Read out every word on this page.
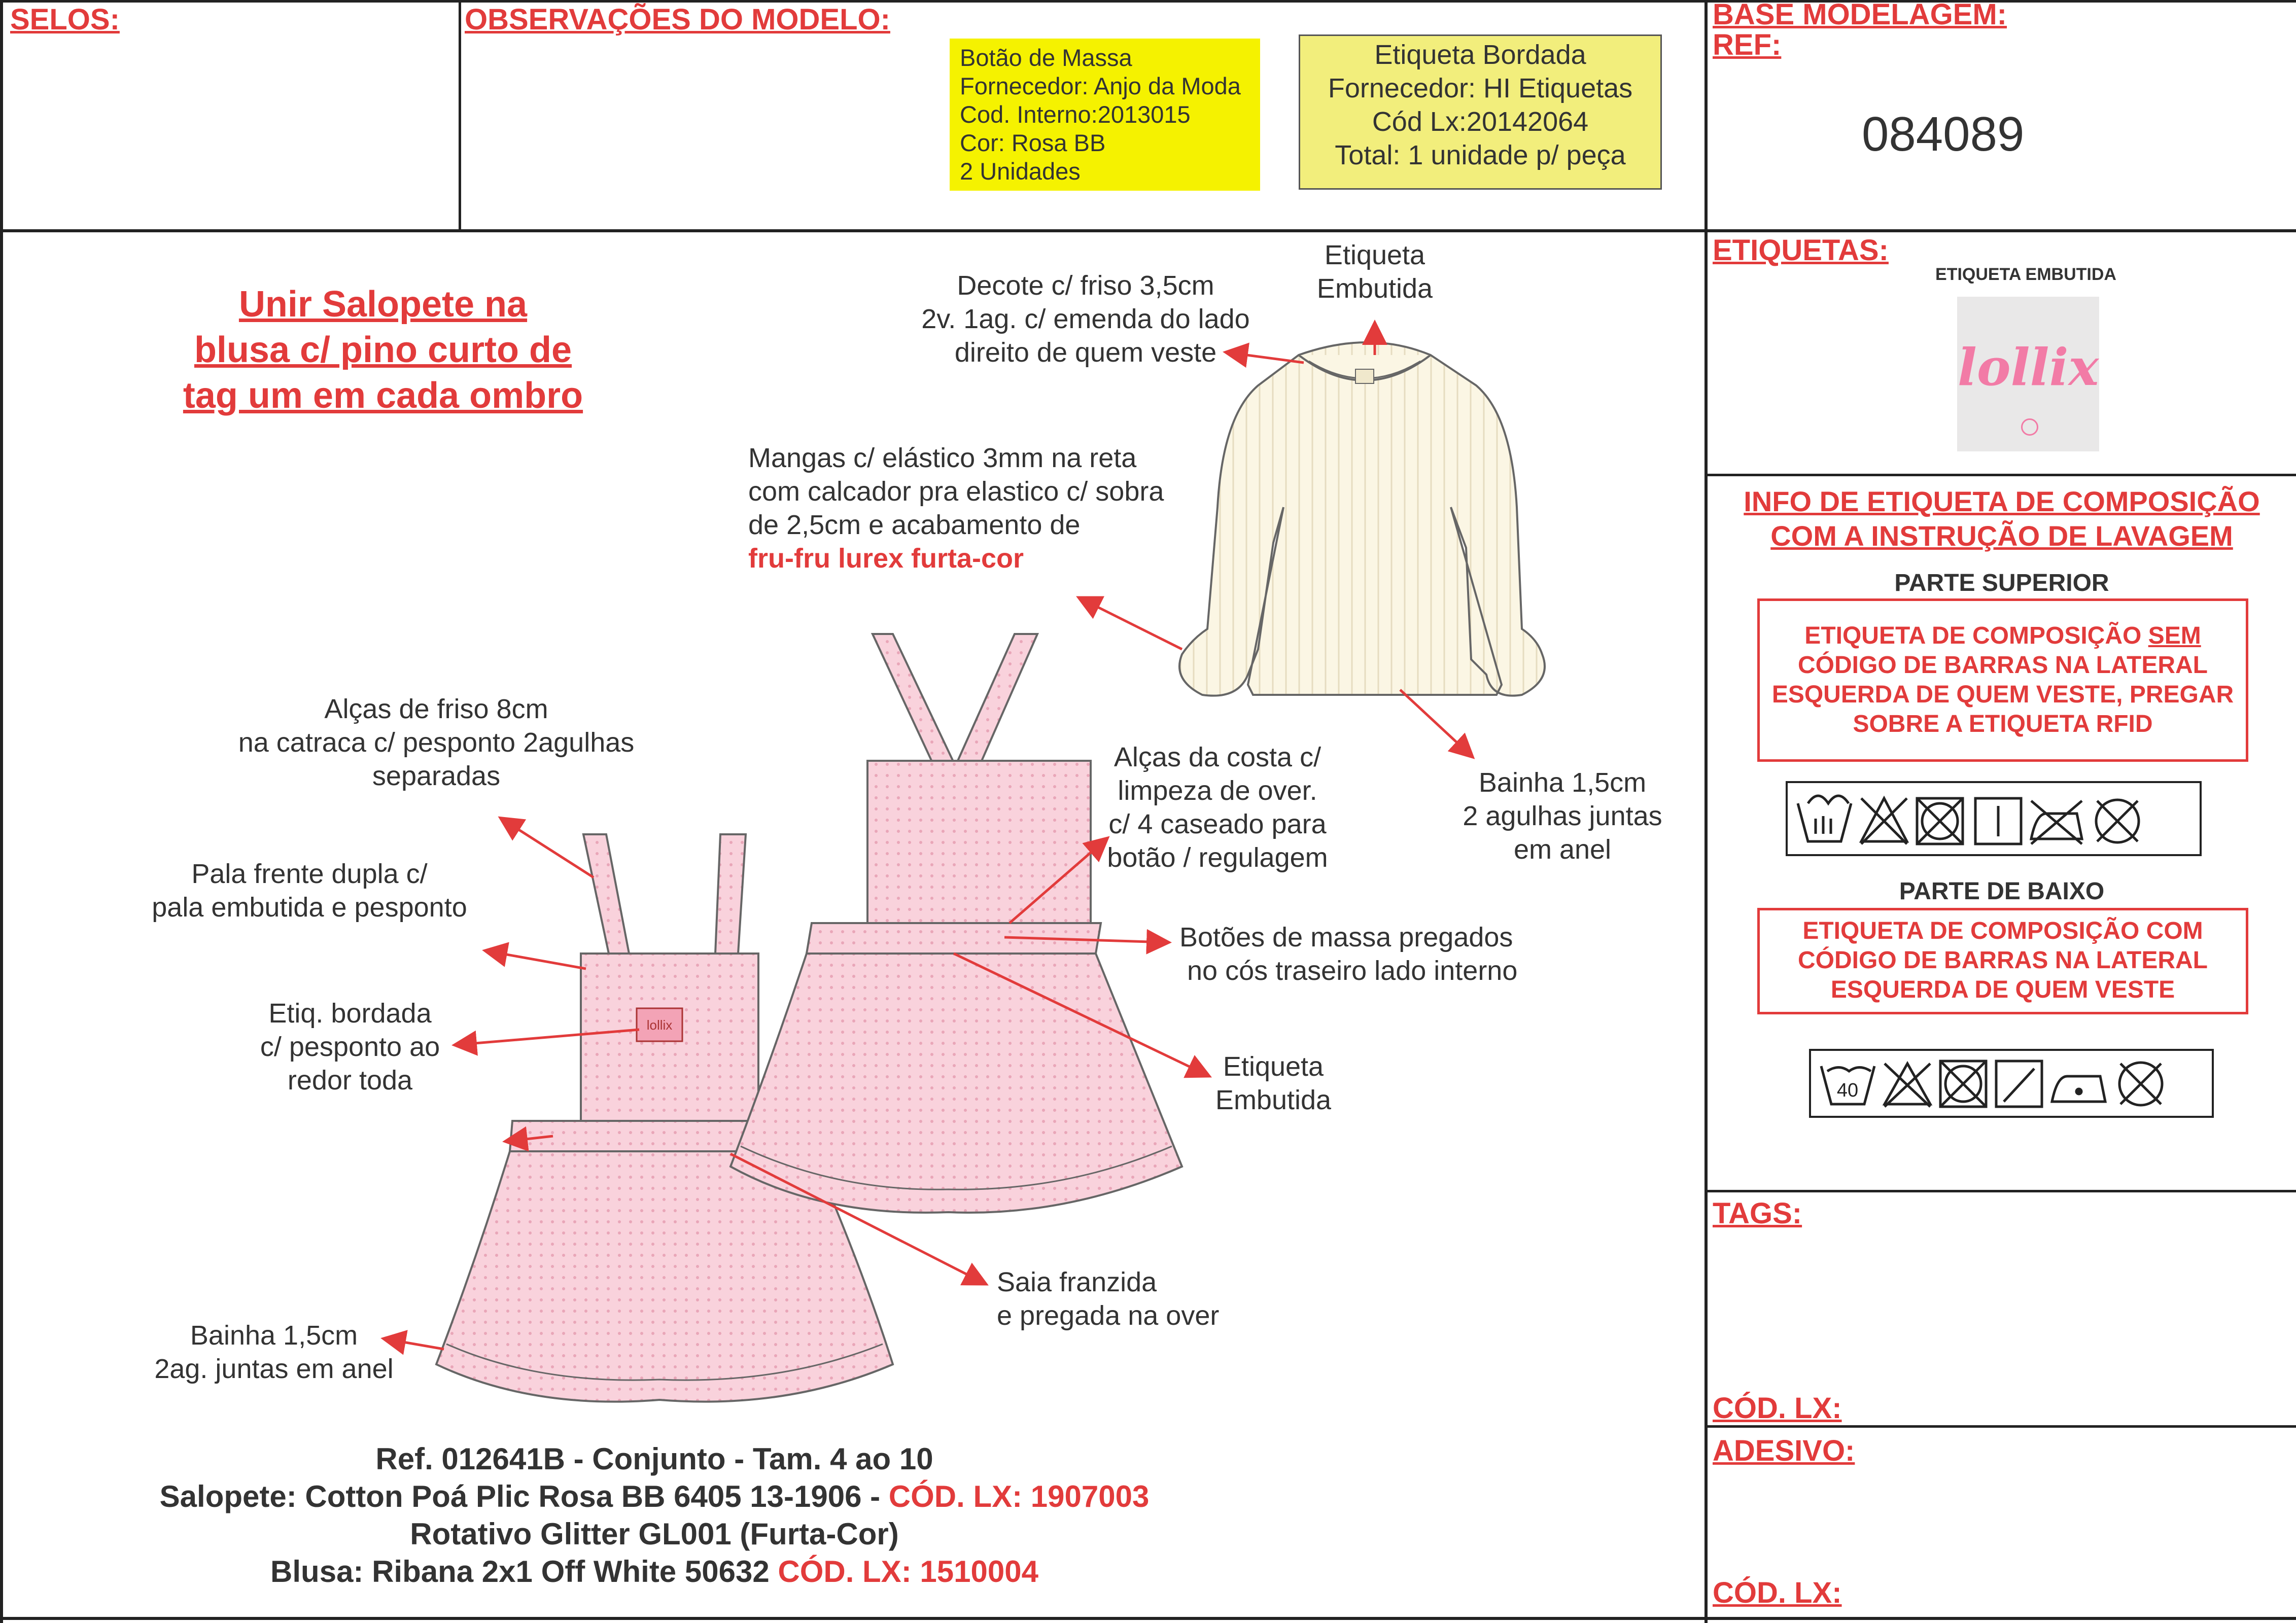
SELOS:	OBSERVAÇÕES DO MODELO:
Botão de Massa
Fornecedor: Anjo da Moda
Cod. Interno:2013015
Cor: Rosa BB
2 Unidades
Etiqueta Bordada
Fornecedor: HI Etiquetas
Cód Lx:20142064
Total: 1 unidade p/ peça
BASE MODELAGEM:
REF:
084089
Unir Salopete na
blusa c/ pino curto de
tag um em cada ombro
lollix
Etiqueta
Embutida
Decote c/ friso 3,5cm
2v. 1ag. c/ emenda do lado
direito de quem veste
Mangas c/ elástico 3mm na reta
com calcador pra elastico c/ sobra
de 2,5cm e acabamento de
fru-fru lurex furta-cor
Bainha 1,5cm
2 agulhas juntas
em anel
Alças de friso 8cm
na catraca c/ pesponto 2agulhas
separadas
Alças da costa c/
limpeza de over.
c/ 4 caseado para
botão / regulagem
Pala frente dupla c/
pala embutida e pesponto
Botões de massa pregados
no cós traseiro lado interno
Etiq. bordada
c/ pesponto ao
redor toda	Etiqueta
Embutida
Saia franzida
e pregada na over
Bainha 1,5cm
2ag. juntas em anel
Ref. 012641B - Conjunto - Tam. 4 ao 10
Salopete: Cotton Poá Plic Rosa BB 6405 13-1906 - CÓD. LX: 1907003
Rotativo Glitter GL001 (Furta-Cor)
Blusa: Ribana 2x1 Off White 50632 CÓD. LX: 1510004
ETIQUETAS:
ETIQUETA EMBUTIDA
lollix
INFO DE ETIQUETA DE COMPOSIÇÃO
COM A INSTRUÇÃO DE LAVAGEM
PARTE SUPERIOR
ETIQUETA DE COMPOSIÇÃO SEM
CÓDIGO DE BARRAS NA LATERAL
ESQUERDA DE QUEM VESTE, PREGAR
SOBRE A ETIQUETA RFID
PARTE DE BAIXO
ETIQUETA DE COMPOSIÇÃO COM
CÓDIGO DE BARRAS NA LATERAL
ESQUERDA DE QUEM VESTE
40
TAGS:
CÓD. LX:
ADESIVO:
CÓD. LX:
